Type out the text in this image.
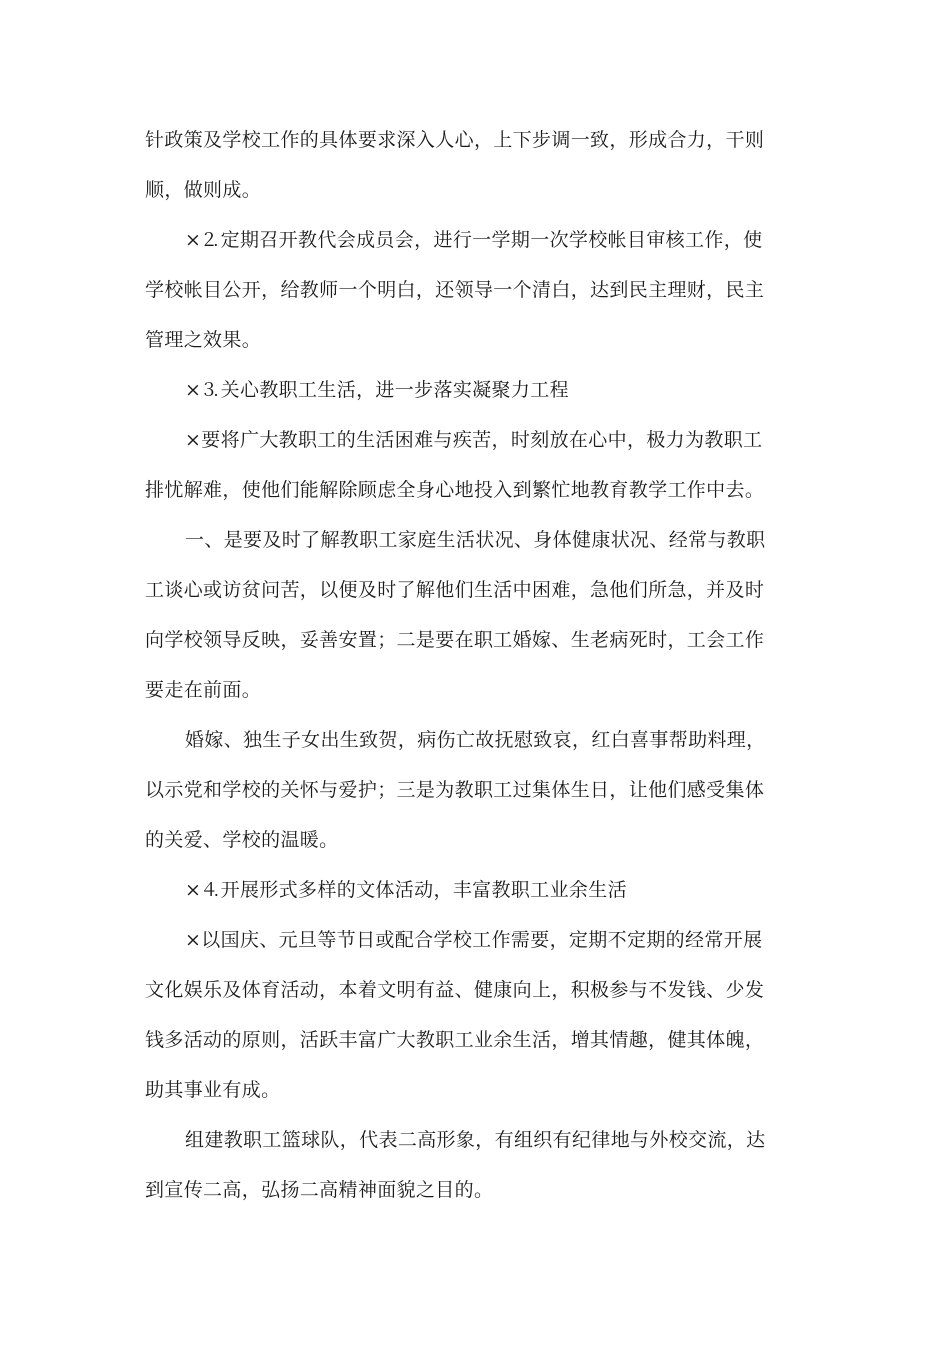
针政策及学校工作的具体要求深入人心，上下步调一致，形成合力，干则
顺，做则成。
×⒉定期召开教代会成员会，进行一学期一次学校帐目审核工作，使
学校帐目公开，给教师一个明白，还领导一个清白，达到民主理财，民主
管理之效果。
×⒊关心教职工生活，进一步落实凝聚力工程
×要将广大教职工的生活困难与疾苦，时刻放在心中，极力为教职工
排忧解难，使他们能解除顾虑全身心地投入到繁忙地教育教学工作中去。
一、是要及时了解教职工家庭生活状况、身体健康状况、经常与教职
工谈心或访贫问苦，以便及时了解他们生活中困难，急他们所急，并及时
向学校领导反映，妥善安置；二是要在职工婚嫁、生老病死时，工会工作
要走在前面。
婚嫁、独生子女出生致贺，病伤亡故抚慰致哀，红白喜事帮助料理，
以示党和学校的关怀与爱护；三是为教职工过集体生日，让他们感受集体
的关爱、学校的温暖。
×⒋开展形式多样的文体活动，丰富教职工业余生活
×以国庆、元旦等节日或配合学校工作需要，定期不定期的经常开展
文化娱乐及体育活动，本着文明有益、健康向上，积极参与不发钱、少发
钱多活动的原则，活跃丰富广大教职工业余生活，增其情趣，健其体魄，
助其事业有成。
组建教职工篮球队，代表二高形象，有组织有纪律地与外校交流，达
到宣传二高，弘扬二高精神面貌之目的。
